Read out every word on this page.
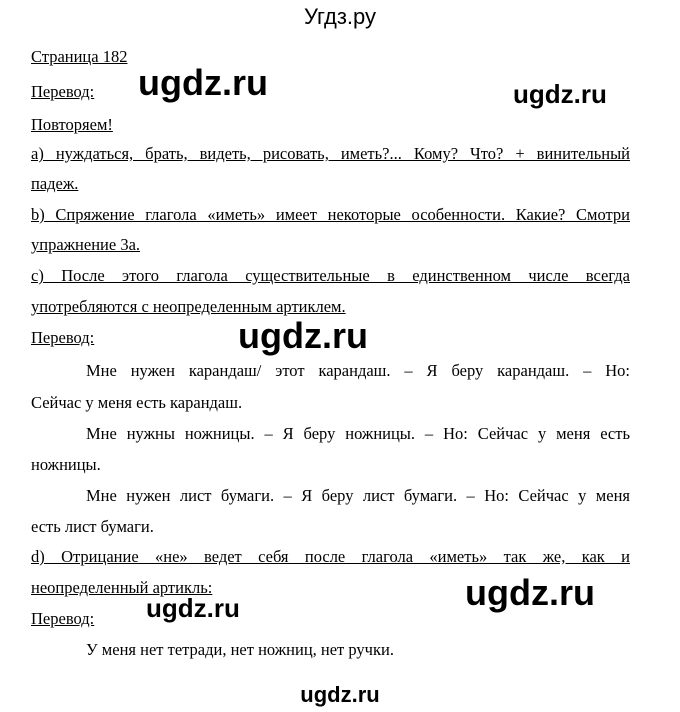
Угдз.ру
Страница 182
Перевод:
Повторяем!
a) нуждаться, брать, видеть, рисовать, иметь?... Кому? Что? + винительный
падеж.
b) Спряжение глагола «иметь» имеет некоторые особенности. Какие? Смотри
упражнение 3а.
с) После этого глагола существительные в единственном числе всегда
употребляются с неопределенным артиклем.
Перевод:
Мне нужен карандаш/ этот карандаш. – Я беру карандаш. – Но:
Сейчас у меня есть карандаш.
Мне нужны ножницы. – Я беру ножницы. – Но: Сейчас у меня есть
ножницы.
Мне нужен лист бумаги. – Я беру лист бумаги. – Но: Сейчас у меня
есть лист бумаги.
d) Отрицание «не» ведет себя после глагола «иметь» так же, как и
неопределенный артикль:
Перевод:
У меня нет тетради, нет ножниц, нет ручки.
ugdz.ru	ugdz.ru
ugdz.ru
ugdz.ru	ugdz.ru
ugdz.ru
